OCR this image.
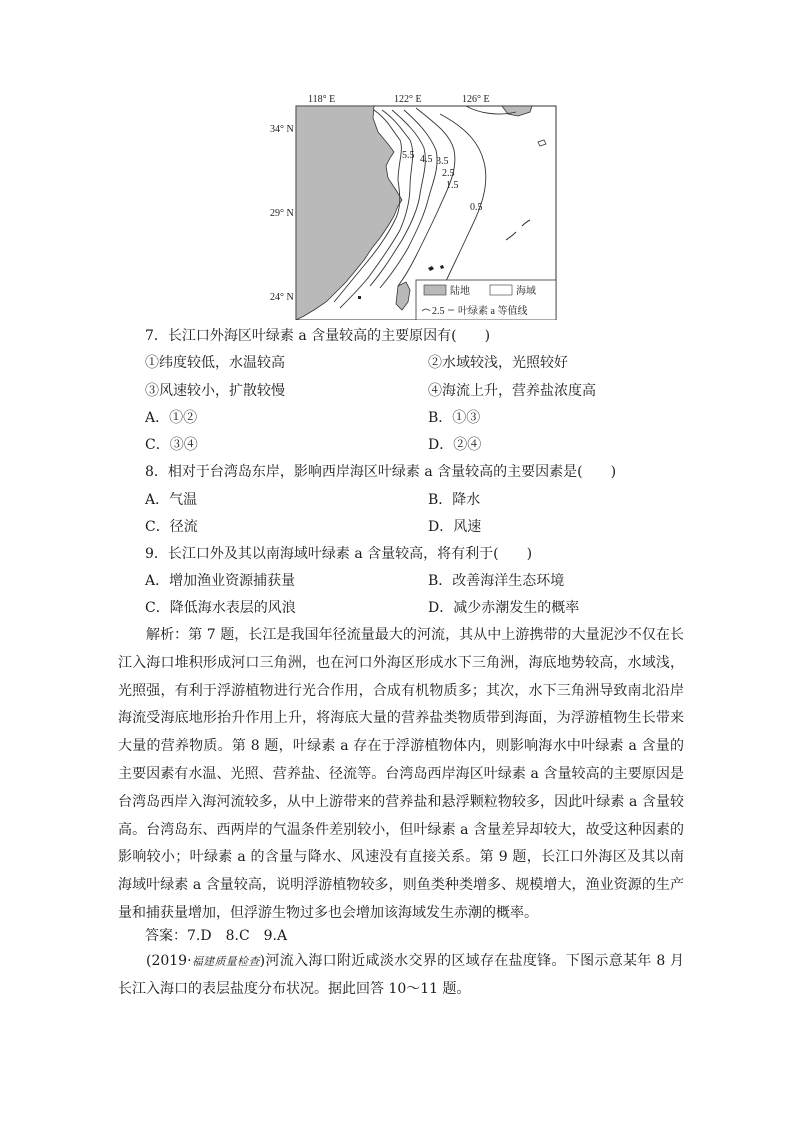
118° E	122° E	126° E
34° N
29° N
24° N
5.5 4.5 3.5
2.5
1.5
0.5
陆地	海域
2.5 叶绿素 a 等值线
7．长江口外海区叶绿素 a 含量较高的主要原因有(　　)
①纬度较低，水温较高	②水域较浅，光照较好
③风速较小，扩散较慢	④海流上升，营养盐浓度高
A．①②	B．①③
C．③④	D．②④
8．相对于台湾岛东岸，影响西岸海区叶绿素 a 含量较高的主要因素是(　　)
A．气温	B．降水
C．径流	D．风速
9．长江口外及其以南海域叶绿素 a 含量较高，将有利于(　　)
A．增加渔业资源捕获量	B．改善海洋生态环境
C．降低海水表层的风浪	D．减少赤潮发生的概率
解析：第 7 题，长江是我国年径流量最大的河流，其从中上游携带的大量泥沙不仅在长江入海口堆积形成河口三角洲，也在河口外海区形成水下三角洲，海底地势较高，水域浅，光照强，有利于浮游植物进行光合作用，合成有机物质多；其次，水下三角洲导致南北沿岸海流受海底地形抬升作用上升，将海底大量的营养盐类物质带到海面，为浮游植物生长带来大量的营养物质。第 8 题，叶绿素 a 存在于浮游植物体内，则影响海水中叶绿素 a 含量的主要因素有水温、光照、营养盐、径流等。台湾岛西岸海区叶绿素 a 含量较高的主要原因是台湾岛西岸入海河流较多，从中上游带来的营养盐和悬浮颗粒物较多，因此叶绿素 a 含量较高。台湾岛东、西两岸的气温条件差别较小，但叶绿素 a 含量差异却较大，故受这种因素的影响较小；叶绿素 a 的含量与降水、风速没有直接关系。第 9 题，长江口外海区及其以南海域叶绿素 a 含量较高，说明浮游植物较多，则鱼类种类增多、规模增大，渔业资源的生产量和捕获量增加，但浮游生物过多也会增加该海域发生赤潮的概率。
答案：7.D　8.C　9.A
(2019·福建质量检查)河流入海口附近咸淡水交界的区域存在盐度锋。下图示意某年 8 月长江入海口的表层盐度分布状况。据此回答 10～11 题。
